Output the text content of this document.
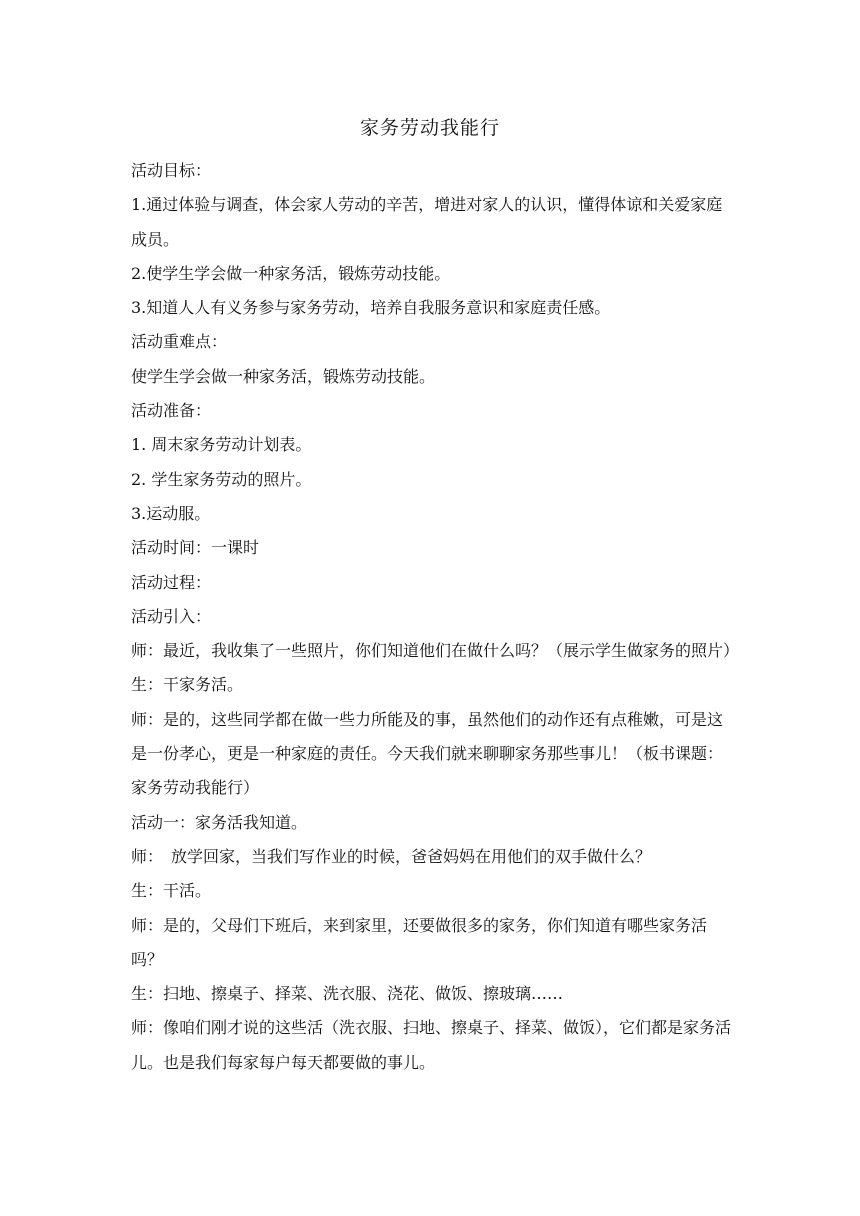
家务劳动我能行

活动目标：

1.通过体验与调查，体会家人劳动的辛苦，增进对家人的认识，懂得体谅和关爱家庭成员。

2.使学生学会做一种家务活，锻炼劳动技能。

3.知道人人有义务参与家务劳动，培养自我服务意识和家庭责任感。

活动重难点：

使学生学会做一种家务活，锻炼劳动技能。

活动准备：

1. 周末家务劳动计划表。

2. 学生家务劳动的照片。

3.运动服。

活动时间：一课时

活动过程：

活动引入：

师：最近，我收集了一些照片，你们知道他们在做什么吗？（展示学生做家务的照片）

生：干家务活。

师：是的，这些同学都在做一些力所能及的事，虽然他们的动作还有点稚嫩，可是这是一份孝心，更是一种家庭的责任。今天我们就来聊聊家务那些事儿！（板书课题：家务劳动我能行）

活动一：家务活我知道。

师：　放学回家，当我们写作业的时候，爸爸妈妈在用他们的双手做什么？

生：干活。

师：是的，父母们下班后，来到家里，还要做很多的家务，你们知道有哪些家务活吗？

生：扫地、擦桌子、择菜、洗衣服、浇花、做饭、擦玻璃……

师：像咱们刚才说的这些活（洗衣服、扫地、擦桌子、择菜、做饭），它们都是家务活儿。也是我们每家每户每天都要做的事儿。
